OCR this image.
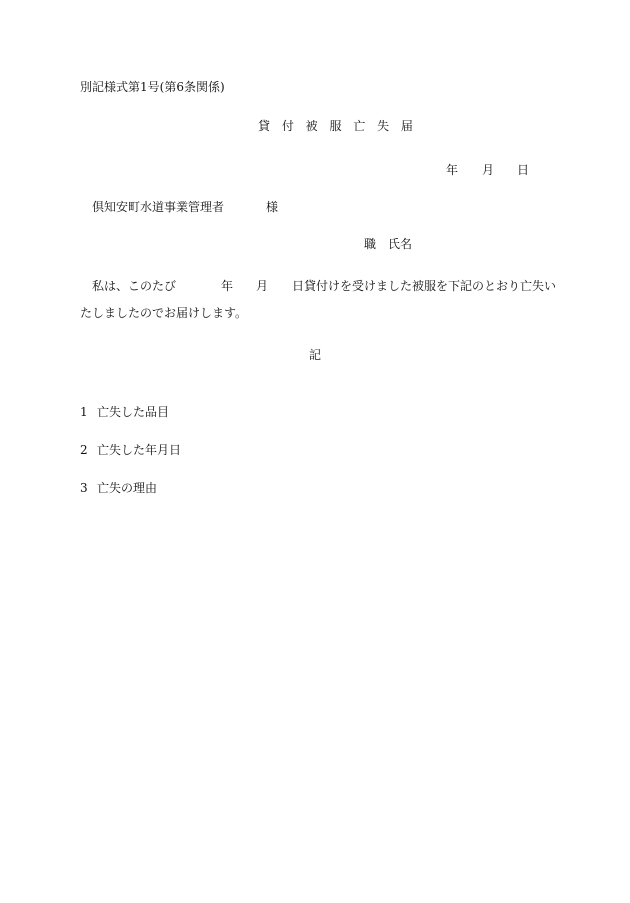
別記様式第1号(第6条関係)
貸 付 被 服 亡 失 届

年

月

日

倶知安町水道事業管理者	様
職　氏名
私は、このたび	年 月 日貸付けを受けました被服を下記のとおり亡失い
たしましたのでお届けします。
記
1 亡失した品目
2 亡失した年月日
3 亡失の理由
